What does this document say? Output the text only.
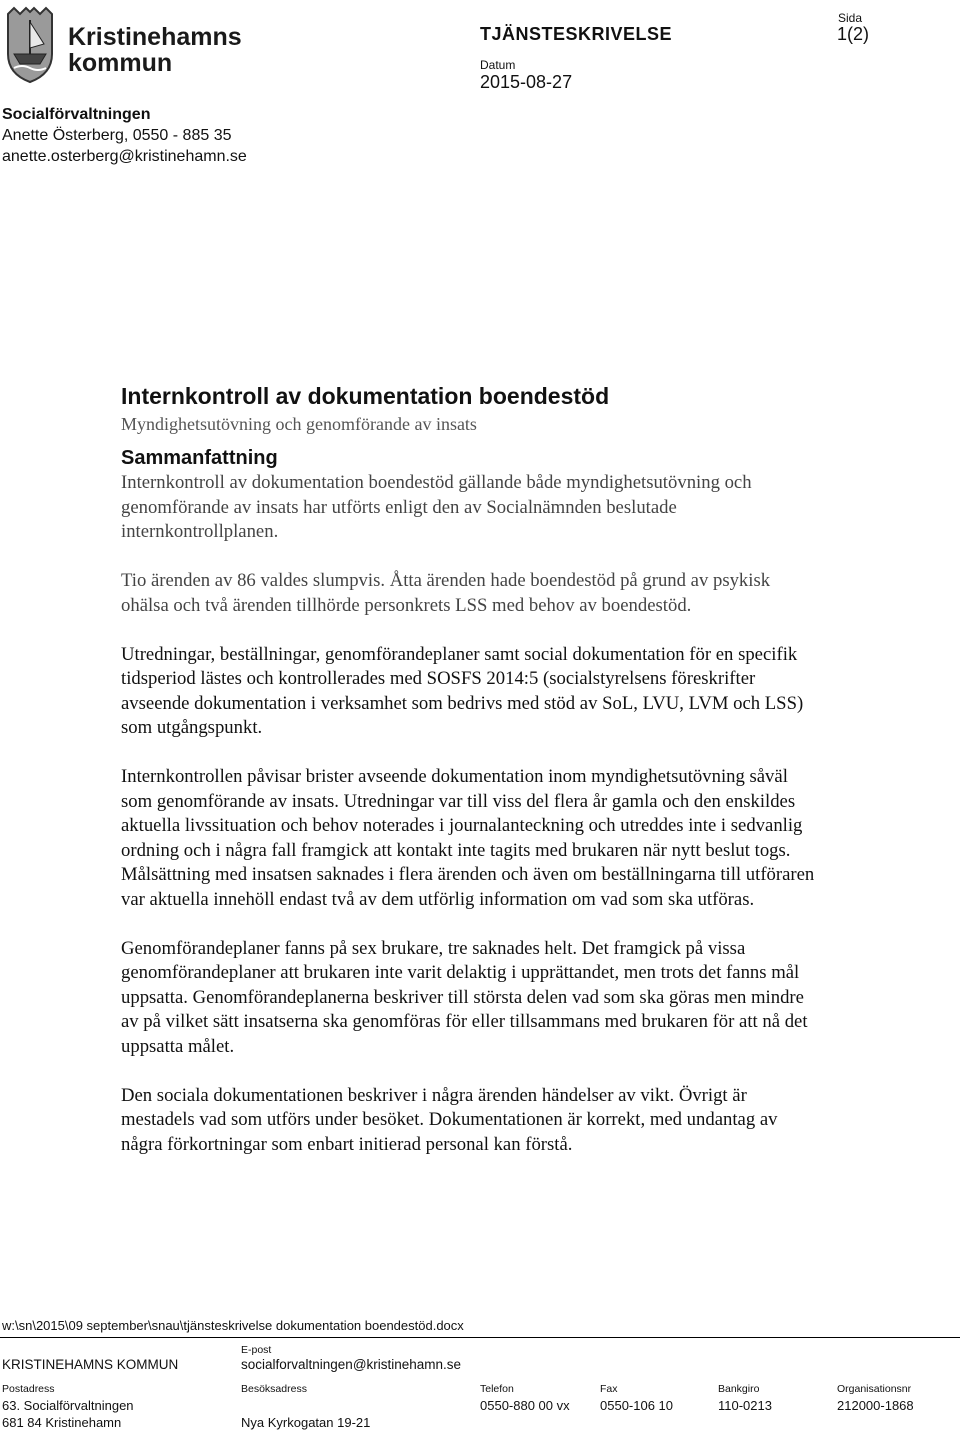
Kristinehamns
kommun
TJÄNSTESKRIVELSE
Datum
2015-08-27
Sida
1(2)
Socialförvaltningen
Anette Österberg, 0550 - 885 35
anette.osterberg@kristinehamn.se
Internkontroll av dokumentation boendestöd
Myndighetsutövning och genomförande av insats
Sammanfattning

Internkontroll av dokumentation boendestöd gällande både myndighetsutövning och genomförande av insats har utförts enligt den av Socialnämnden beslutade internkontrollplanen.

Tio ärenden av 86 valdes slumpvis. Åtta ärenden hade boendestöd på grund av psykisk ohälsa och två ärenden tillhörde personkrets LSS med behov av boendestöd.

Utredningar, beställningar, genomförandeplaner samt social dokumentation för en specifik tidsperiod lästes och kontrollerades med SOSFS 2014:5 (socialstyrelsens föreskrifter avseende dokumentation i verksamhet som bedrivs med stöd av SoL, LVU, LVM och LSS) som utgångspunkt.

Internkontrollen påvisar brister avseende dokumentation inom myndighetsutövning såväl som genomförande av insats. Utredningar var till viss del flera år gamla och den enskildes aktuella livssituation och behov noterades i journalanteckning och utreddes inte i sedvanlig ordning och i några fall framgick att kontakt inte tagits med brukaren när nytt beslut togs. Målsättning med insatsen saknades i flera ärenden och även om beställningarna till utföraren var aktuella innehöll endast två av dem utförlig information om vad som ska utföras.

Genomförandeplaner fanns på sex brukare, tre saknades helt. Det framgick på vissa genomförandeplaner att brukaren inte varit delaktig i upprättandet, men trots det fanns mål uppsatta. Genomförandeplanerna beskriver till största delen vad som ska göras men mindre av på vilket sätt insatserna ska genomföras för eller tillsammans med brukaren för att nå det uppsatta målet.

Den sociala dokumentationen beskriver i några ärenden händelser av vikt. Övrigt är mestadels vad som utförs under besöket. Dokumentationen är korrekt, med undantag av några förkortningar som enbart initierad personal kan förstå.

w:\sn\2015\09 september\snau\tjänsteskrivelse dokumentation boendestöd.docx
KRISTINEHAMNS KOMMUN
E-post
socialforvaltningen@kristinehamn.se
Postadress
63. Socialförvaltningen
681 84 Kristinehamn
Besöksadress
Nya Kyrkogatan 19-21
Telefon
0550-880 00 vx
Fax
0550-106 10
Bankgiro
110-0213
Organisationsnr
212000-1868
